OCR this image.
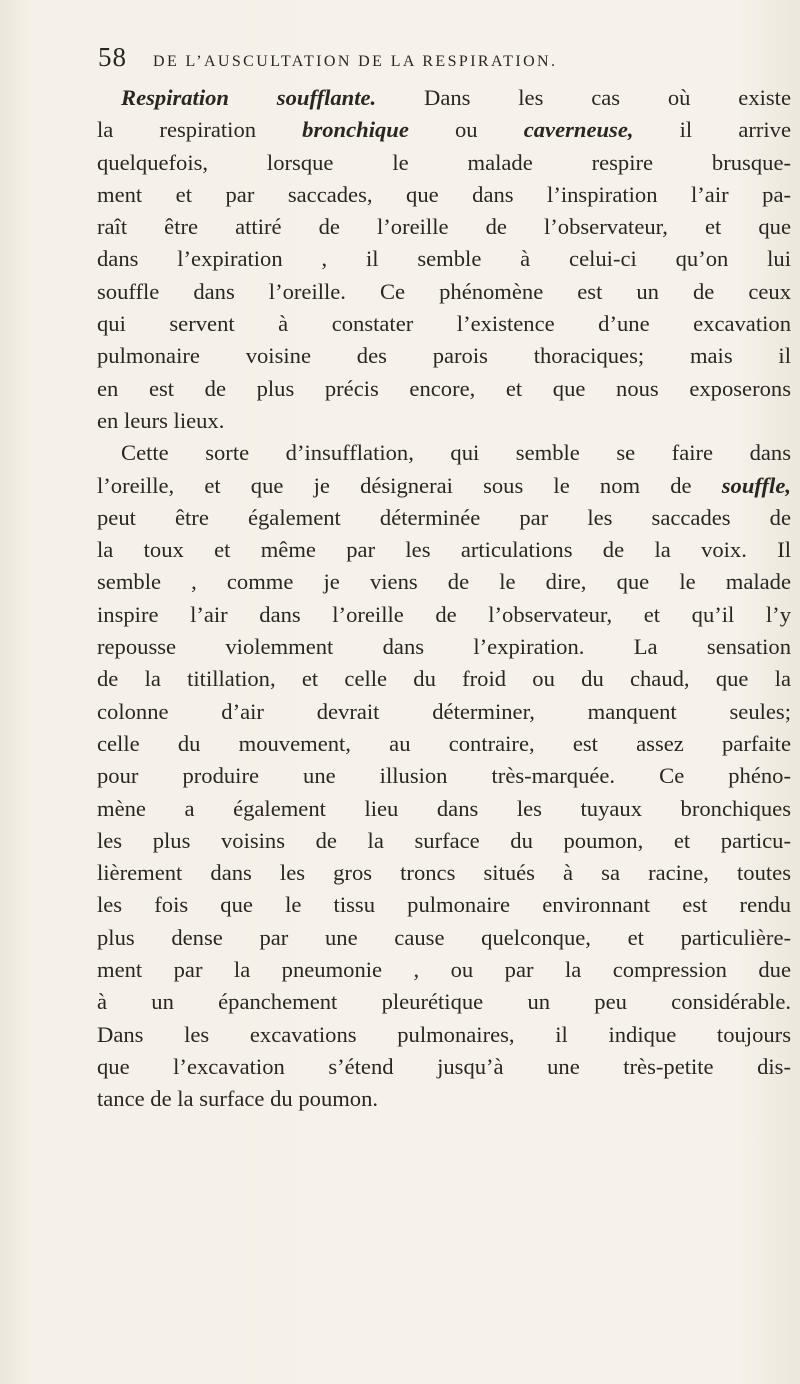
58 DE L’AUSCULTATION DE LA RESPIRATION.
Respiration soufflante. Dans les cas où existe
la respiration bronchique ou caverneuse, il arrive
quelquefois, lorsque le malade respire brusque-
ment et par saccades, que dans l’inspiration l’air pa-
raît être attiré de l’oreille de l’observateur, et que
dans l’expiration , il semble à celui-ci qu’on lui
souffle dans l’oreille. Ce phénomène est un de ceux
qui servent à constater l’existence d’une excavation
pulmonaire voisine des parois thoraciques; mais il
en est de plus précis encore, et que nous exposerons
en leurs lieux.
Cette sorte d’insufflation, qui semble se faire dans
l’oreille, et que je désignerai sous le nom de souffle,
peut être également déterminée par les saccades de
la toux et même par les articulations de la voix. Il
semble , comme je viens de le dire, que le malade
inspire l’air dans l’oreille de l’observateur, et qu’il l’y
repousse violemment dans l’expiration. La sensation
de la titillation, et celle du froid ou du chaud, que la
colonne d’air devrait déterminer, manquent seules;
celle du mouvement, au contraire, est assez parfaite
pour produire une illusion très-marquée. Ce phéno-
mène a également lieu dans les tuyaux bronchiques
les plus voisins de la surface du poumon, et particu-
lièrement dans les gros troncs situés à sa racine, toutes
les fois que le tissu pulmonaire environnant est rendu
plus dense par une cause quelconque, et particulière-
ment par la pneumonie , ou par la compression due
à un épanchement pleurétique un peu considérable.
Dans les excavations pulmonaires, il indique toujours
que l’excavation s’étend jusqu’à une très-petite dis-
tance de la surface du poumon.
